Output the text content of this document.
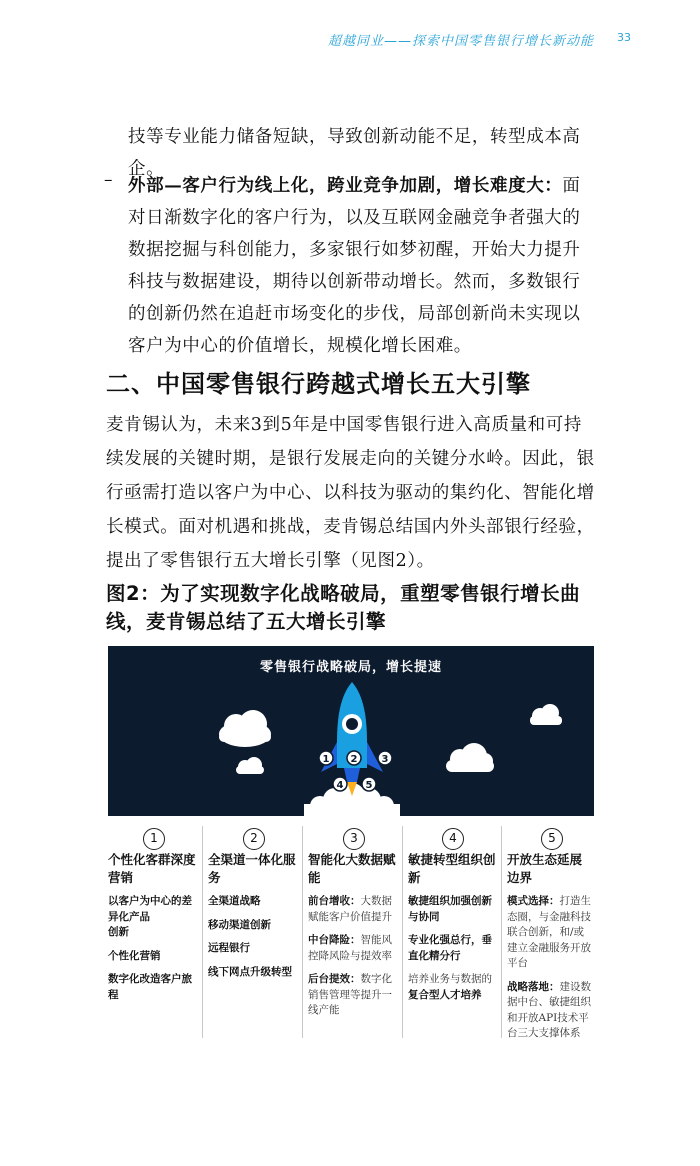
超越同业——探索中国零售银行增长新动能 33
技等专业能力储备短缺，导致创新动能不足，转型成本高企。
– 外部—客户行为线上化，跨业竞争加剧，增长难度大：面对日渐数字化的客户行为，以及互联网金融竞争者强大的数据挖掘与科创能力，多家银行如梦初醒，开始大力提升科技与数据建设，期待以创新带动增长。然而，多数银行的创新仍然在追赶市场变化的步伐，局部创新尚未实现以客户为中心的价值增长，规模化增长困难。
二、中国零售银行跨越式增长五大引擎
麦肯锡认为，未来3到5年是中国零售银行进入高质量和可持续发展的关键时期，是银行发展走向的关键分水岭。因此，银行亟需打造以客户为中心、以科技为驱动的集约化、智能化增长模式。面对机遇和挑战，麦肯锡总结国内外头部银行经验，提出了零售银行五大增长引擎（见图2）。
图2：为了实现数字化战略破局，重塑零售银行增长曲线，麦肯锡总结了五大增长引擎
零售银行战略破局，增长提速
1 2 3
4 5
1
个性化客群深度营销
以客户为中心的差异化产品
创新
个性化营销
数字化改造客户旅程
2
全渠道一体化服务
全渠道战略
移动渠道创新
远程银行
线下网点升级转型
3
智能化大数据赋能
前台增收：大数据赋能客户价值提升
中台降险：智能风控降风险与提效率
后台提效：数字化销售管理等提升一线产能
4
敏捷转型组织创新
敏捷组织加强创新与协同
专业化强总行，垂直化精分行
培养业务与数据的复合型人才培养
5
开放生态延展边界
模式选择：打造生态圈，与金融科技联合创新，和/或建立金融服务开放平台
战略落地：建设数据中台、敏捷组织和开放API技术平台三大支撑体系
